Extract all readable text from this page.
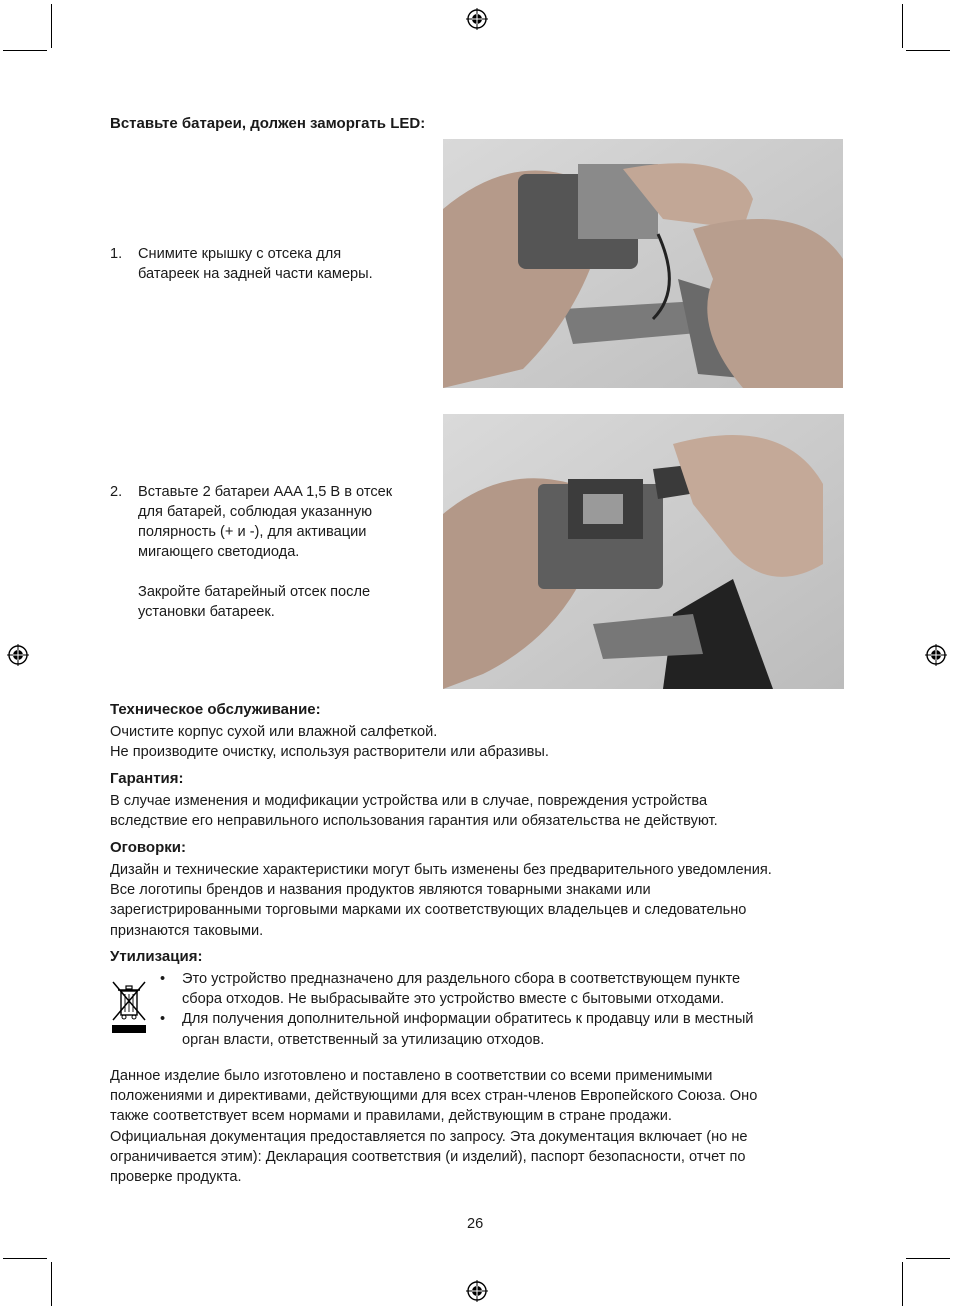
Вставьте батареи, должен заморгать LED:
1. Снимите крышку с отсека для
батареек на задней части камеры.
2. Вставьте 2 батареи AAA 1,5 В в отсек
для батарей, соблюдая указанную
полярность (+ и -), для активации
мигающего светодиода.
Закройте батарейный отсек после
установки батареек.
Техническое обслуживание:
Очистите корпус сухой или влажной салфеткой.
Не производите очистку, используя растворители или абразивы.
Гарантия:
В случае изменения и модификации устройства или в случае, повреждения устройства
вследствие его неправильного использования гарантия или обязательства не действуют.
Оговорки:
Дизайн и технические характеристики могут быть изменены без предварительного уведомления.
Все логотипы брендов и названия продуктов являются товарными знаками или
зарегистрированными торговыми марками их соответствующих владельцев и следовательно
признаются таковыми.
Утилизация:
• Это устройство предназначено для раздельного сбора в соответствующем пункте
сбора отходов. Не выбрасывайте это устройство вместе с бытовыми отходами.
• Для получения дополнительной информации обратитесь к продавцу или в местный
орган власти, ответственный за утилизацию отходов.
Данное изделие было изготовлено и поставлено в соответствии со всеми применимыми
положениями и директивами, действующими для всех стран-членов Европейского Союза. Оно
также соответствует всем нормами и правилами, действующим в стране продажи.
Официальная документация предоставляется по запросу. Эта документация включает (но не
ограничивается этим): Декларация соответствия (и изделий), паспорт безопасности, отчет по
проверке продукта.
26
